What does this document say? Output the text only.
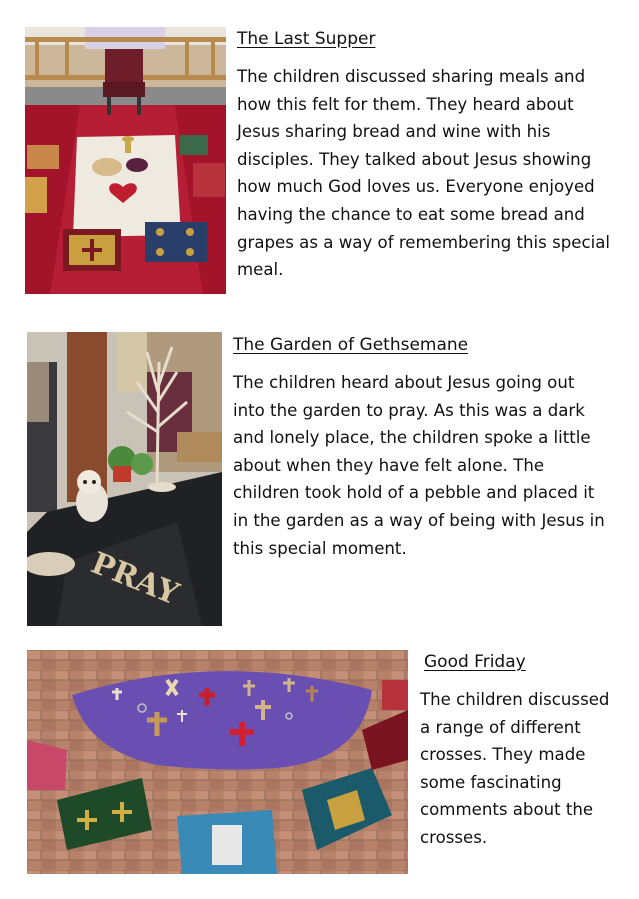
The Last Supper

The children discussed sharing meals and
how this felt for them. They heard about
Jesus sharing bread and wine with his
disciples. They talked about Jesus showing
how much God loves us. Everyone enjoyed
having the chance to eat some bread and
grapes as a way of remembering this special
meal.

PRAY
The Garden of Gethsemane

The children heard about Jesus going out
into the garden to pray. As this was a dark
and lonely place, the children spoke a little
about when they have felt alone. The
children took hold of a pebble and placed it
in the garden as a way of being with Jesus in
this special moment.

Good Friday

The children discussed
a range of different
crosses. They made
some fascinating
comments about the
crosses.
